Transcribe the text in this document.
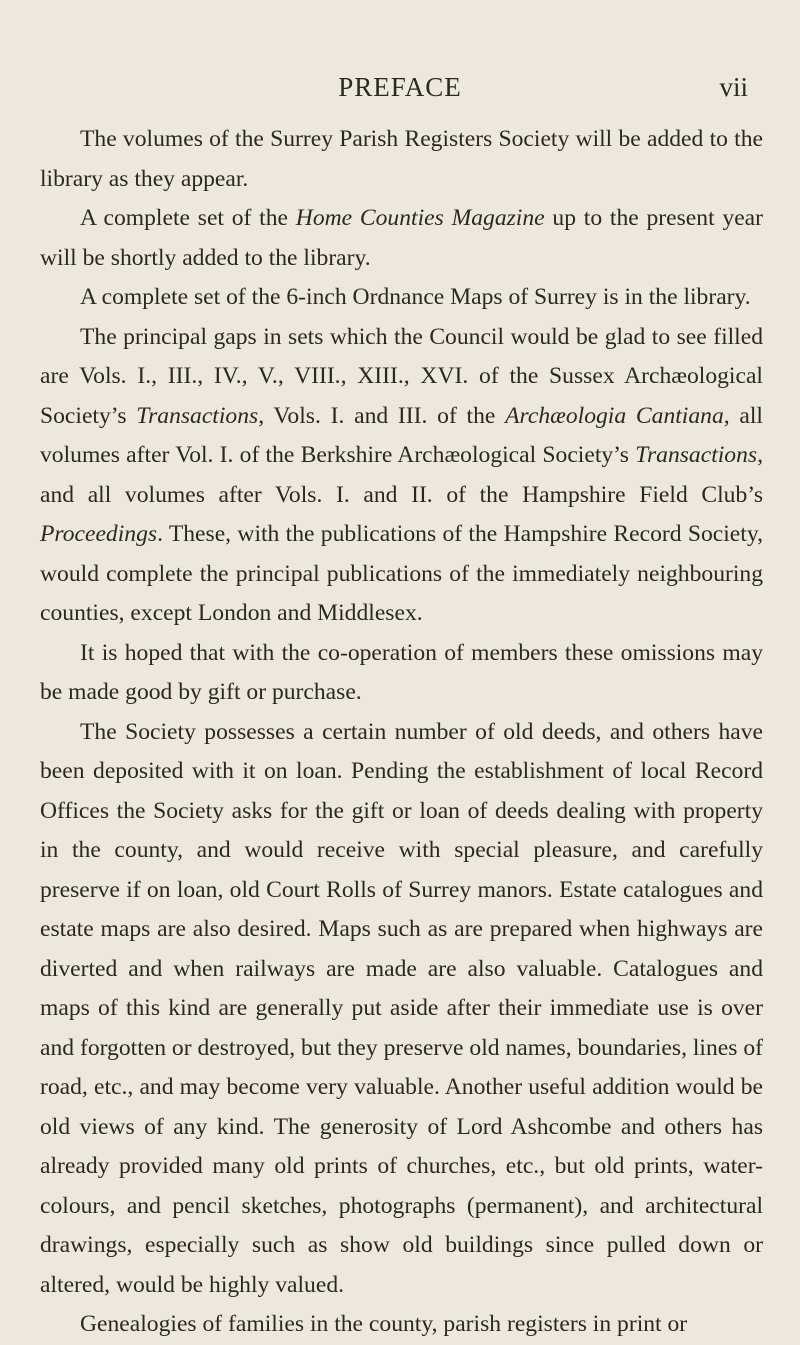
PREFACE	vii

The volumes of the Surrey Parish Registers Society will be added to the library as they appear.

A complete set of the Home Counties Magazine up to the present year will be shortly added to the library.

A complete set of the 6-inch Ordnance Maps of Surrey is in the library.

The principal gaps in sets which the Council would be glad to see filled are Vols. I., III., IV., V., VIII., XIII., XVI. of the Sussex Archæological Society’s Transactions, Vols. I. and III. of the Archæologia Cantiana, all volumes after Vol. I. of the Berkshire Archæological Society’s Transactions, and all volumes after Vols. I. and II. of the Hampshire Field Club’s Proceedings. These, with the publications of the Hampshire Record Society, would complete the principal publications of the immediately neighbouring counties, except London and Middlesex.

It is hoped that with the co-operation of members these omissions may be made good by gift or purchase.

The Society possesses a certain number of old deeds, and others have been deposited with it on loan. Pending the establishment of local Record Offices the Society asks for the gift or loan of deeds dealing with property in the county, and would receive with special pleasure, and carefully preserve if on loan, old Court Rolls of Surrey manors. Estate catalogues and estate maps are also desired. Maps such as are prepared when highways are diverted and when railways are made are also valuable. Catalogues and maps of this kind are generally put aside after their immediate use is over and forgotten or destroyed, but they preserve old names, boundaries, lines of road, etc., and may become very valuable. Another useful addition would be old views of any kind. The generosity of Lord Ashcombe and others has already provided many old prints of churches, etc., but old prints, water-colours, and pencil sketches, photographs (permanent), and architectural drawings, especially such as show old buildings since pulled down or altered, would be highly valued.

Genealogies of families in the county, parish registers in print or
